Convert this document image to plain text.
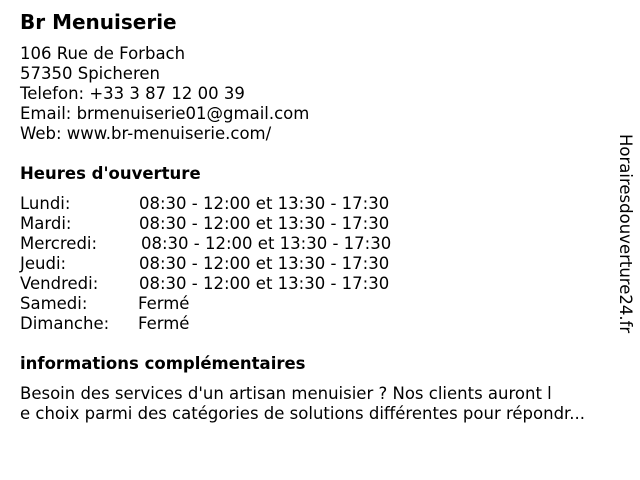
Br Menuiserie
106 Rue de Forbach
57350 Spicheren
Telefon: +33 3 87 12 00 39
Email: brmenuiserie01@gmail.com
Web: www.br-menuiserie.com/
Heures d'ouverture
Lundi:	08:30 - 12:00 et 13:30 - 17:30
Mardi:	08:30 - 12:00 et 13:30 - 17:30
Mercredi:	08:30 - 12:00 et 13:30 - 17:30
Jeudi:	08:30 - 12:00 et 13:30 - 17:30
Vendredi: 08:30 - 12:00 et 13:30 - 17:30
Samedi:	Fermé
Dimanche: Fermé
informations complémentaires
Besoin des services d'un artisan menuisier ? Nos clients auront l
e choix parmi des catégories de solutions différentes pour répondr...
Horairesdouverture24.fr
